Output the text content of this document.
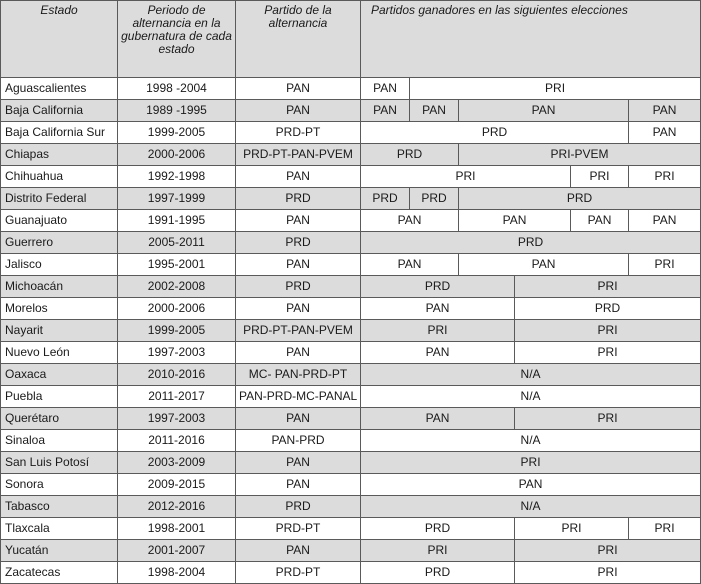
Estado	Periodo de alternancia en la gubernatura de cada estado	Partido de la alternancia	Partidos ganadores en las siguientes elecciones					
Aguascalientes	1998 -2004	PAN	PAN	PRI				
Baja California	1989 -1995	PAN	PAN	PAN	PAN			PAN
Baja California Sur	1999-2005	PRD-PT	PRD					PAN
Chiapas	2000-2006	PRD-PT-PAN-PVEM	PRD		PRI-PVEM			
Chihuahua	1992-1998	PAN	PRI				PRI	PRI
Distrito Federal	1997-1999	PRD	PRD	PRD	PRD			
Guanajuato	1991-1995	PAN	PAN		PAN		PAN	PAN
Guerrero	2005-2011	PRD	PRD					
Jalisco	1995-2001	PAN	PAN		PAN			PRI
Michoacán	2002-2008	PRD	PRD			PRI		
Morelos	2000-2006	PAN	PAN			PRD		
Nayarit	1999-2005	PRD-PT-PAN-PVEM	PRI			PRI		
Nuevo León	1997-2003	PAN	PAN			PRI		
Oaxaca	2010-2016	MC- PAN-PRD-PT	N/A					
Puebla	2011-2017	PAN-PRD-MC-PANAL	N/A					
Querétaro	1997-2003	PAN	PAN			PRI		
Sinaloa	2011-2016	PAN-PRD	N/A					
San Luis Potosí	2003-2009	PAN	PRI					
Sonora	2009-2015	PAN	PAN					
Tabasco	2012-2016	PRD	N/A					
Tlaxcala	1998-2001	PRD-PT	PRD			PRI		PRI
Yucatán	2001-2007	PAN	PRI			PRI		
Zacatecas	1998-2004	PRD-PT	PRD			PRI		
